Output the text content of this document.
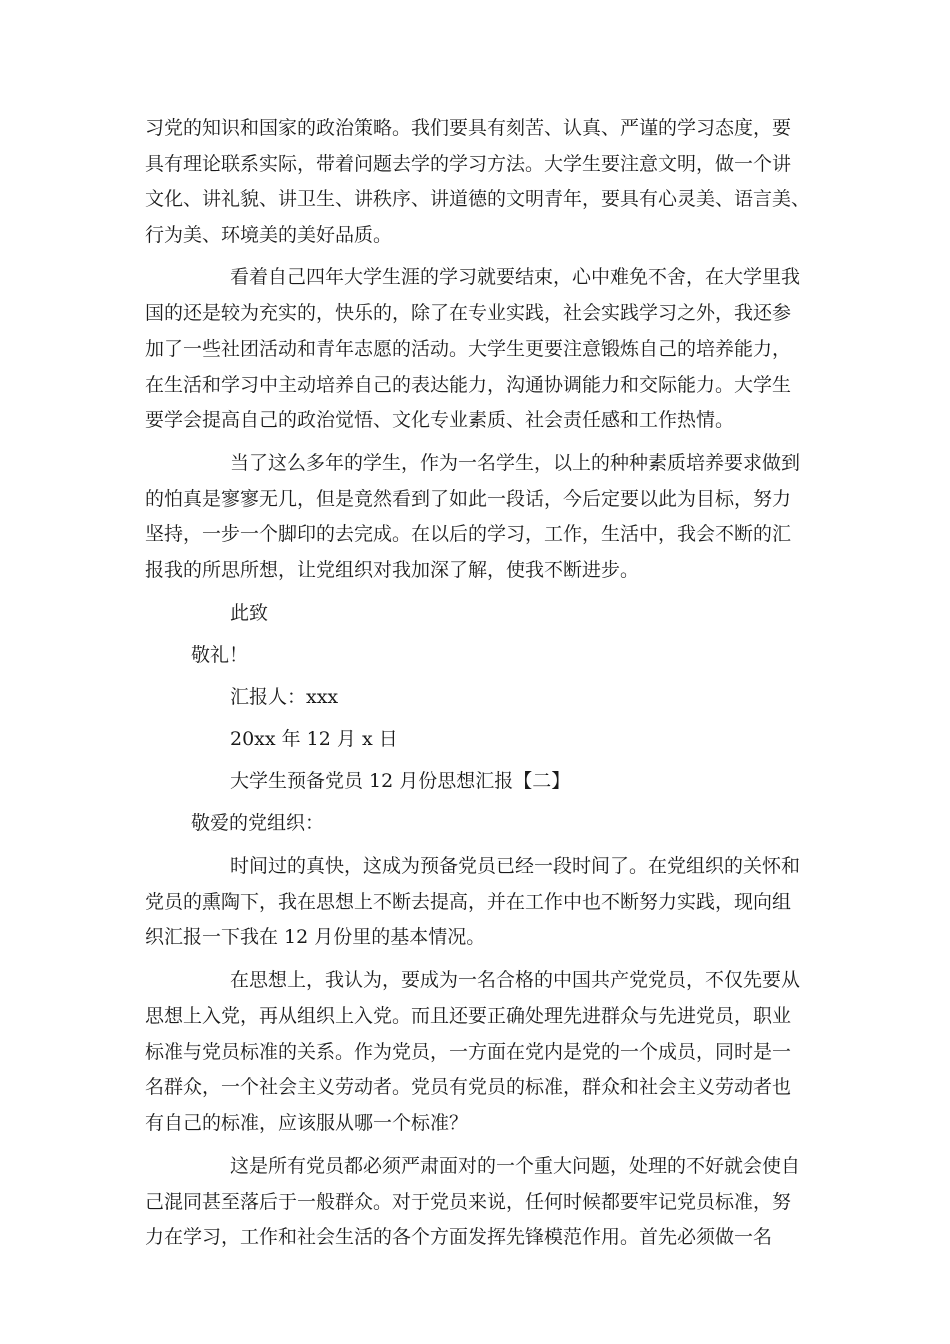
习党的知识和国家的政治策略。我们要具有刻苦、认真、严谨的学习态度，要
具有理论联系实际，带着问题去学的学习方法。大学生要注意文明，做一个讲
文化、讲礼貌、讲卫生、讲秩序、讲道德的文明青年，要具有心灵美、语言美、
行为美、环境美的美好品质。
看着自己四年大学生涯的学习就要结束，心中难免不舍，在大学里我
国的还是较为充实的，快乐的，除了在专业实践，社会实践学习之外，我还参
加了一些社团活动和青年志愿的活动。大学生更要注意锻炼自己的培养能力，
在生活和学习中主动培养自己的表达能力，沟通协调能力和交际能力。大学生
要学会提高自己的政治觉悟、文化专业素质、社会责任感和工作热情。
当了这么多年的学生，作为一名学生，以上的种种素质培养要求做到
的怕真是寥寥无几，但是竟然看到了如此一段话，今后定要以此为目标，努力
坚持，一步一个脚印的去完成。在以后的学习，工作，生活中，我会不断的汇
报我的所思所想，让党组织对我加深了解，使我不断进步。
此致
敬礼！
汇报人：xxx
20xx 年 12 月 x 日
大学生预备党员 12 月份思想汇报【二】
敬爱的党组织：
时间过的真快，这成为预备党员已经一段时间了。在党组织的关怀和
党员的熏陶下，我在思想上不断去提高，并在工作中也不断努力实践，现向组
织汇报一下我在 12 月份里的基本情况。
在思想上，我认为，要成为一名合格的中国共产党党员，不仅先要从
思想上入党，再从组织上入党。而且还要正确处理先进群众与先进党员，职业
标准与党员标准的关系。作为党员，一方面在党内是党的一个成员，同时是一
名群众，一个社会主义劳动者。党员有党员的标准，群众和社会主义劳动者也
有自己的标准，应该服从哪一个标准？
这是所有党员都必须严肃面对的一个重大问题，处理的不好就会使自
己混同甚至落后于一般群众。对于党员来说，任何时候都要牢记党员标准，努
力在学习，工作和社会生活的各个方面发挥先锋模范作用。首先必须做一名
